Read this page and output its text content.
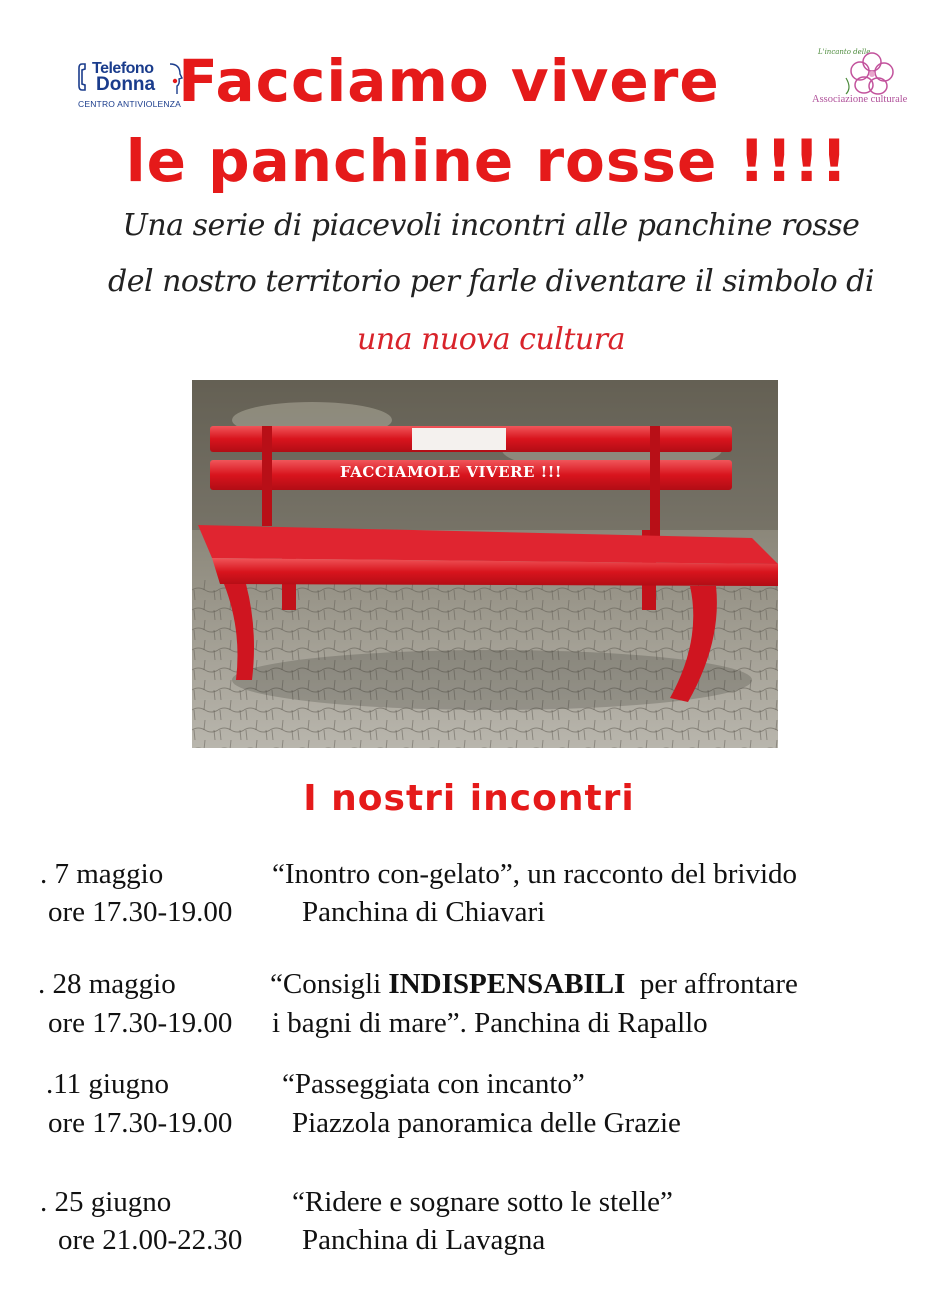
Telefono
Donna
CENTRO ANTIVIOLENZA
L'incanto delle
Associazione culturale
Facciamo vivere
le panchine rosse !!!!
Una serie di piacevoli incontri alle panchine rosse
del nostro territorio per farle diventare il simbolo di
una nuova cultura
FACCIAMOLE VIVERE !!!
I nostri incontri
. 7 maggio
ore 17.30-19.00
“Inontro con-gelato”, un racconto del brivido
Panchina di Chiavari
. 28 maggio
ore 17.30-19.00
“Consigli INDISPENSABILI  per affrontare
i bagni di mare”. Panchina di Rapallo
.11 giugno
ore 17.30-19.00
“Passeggiata con incanto”
Piazzola panoramica delle Grazie
. 25 giugno
ore 21.00-22.30
“Ridere e sognare sotto le stelle”
Panchina di Lavagna
